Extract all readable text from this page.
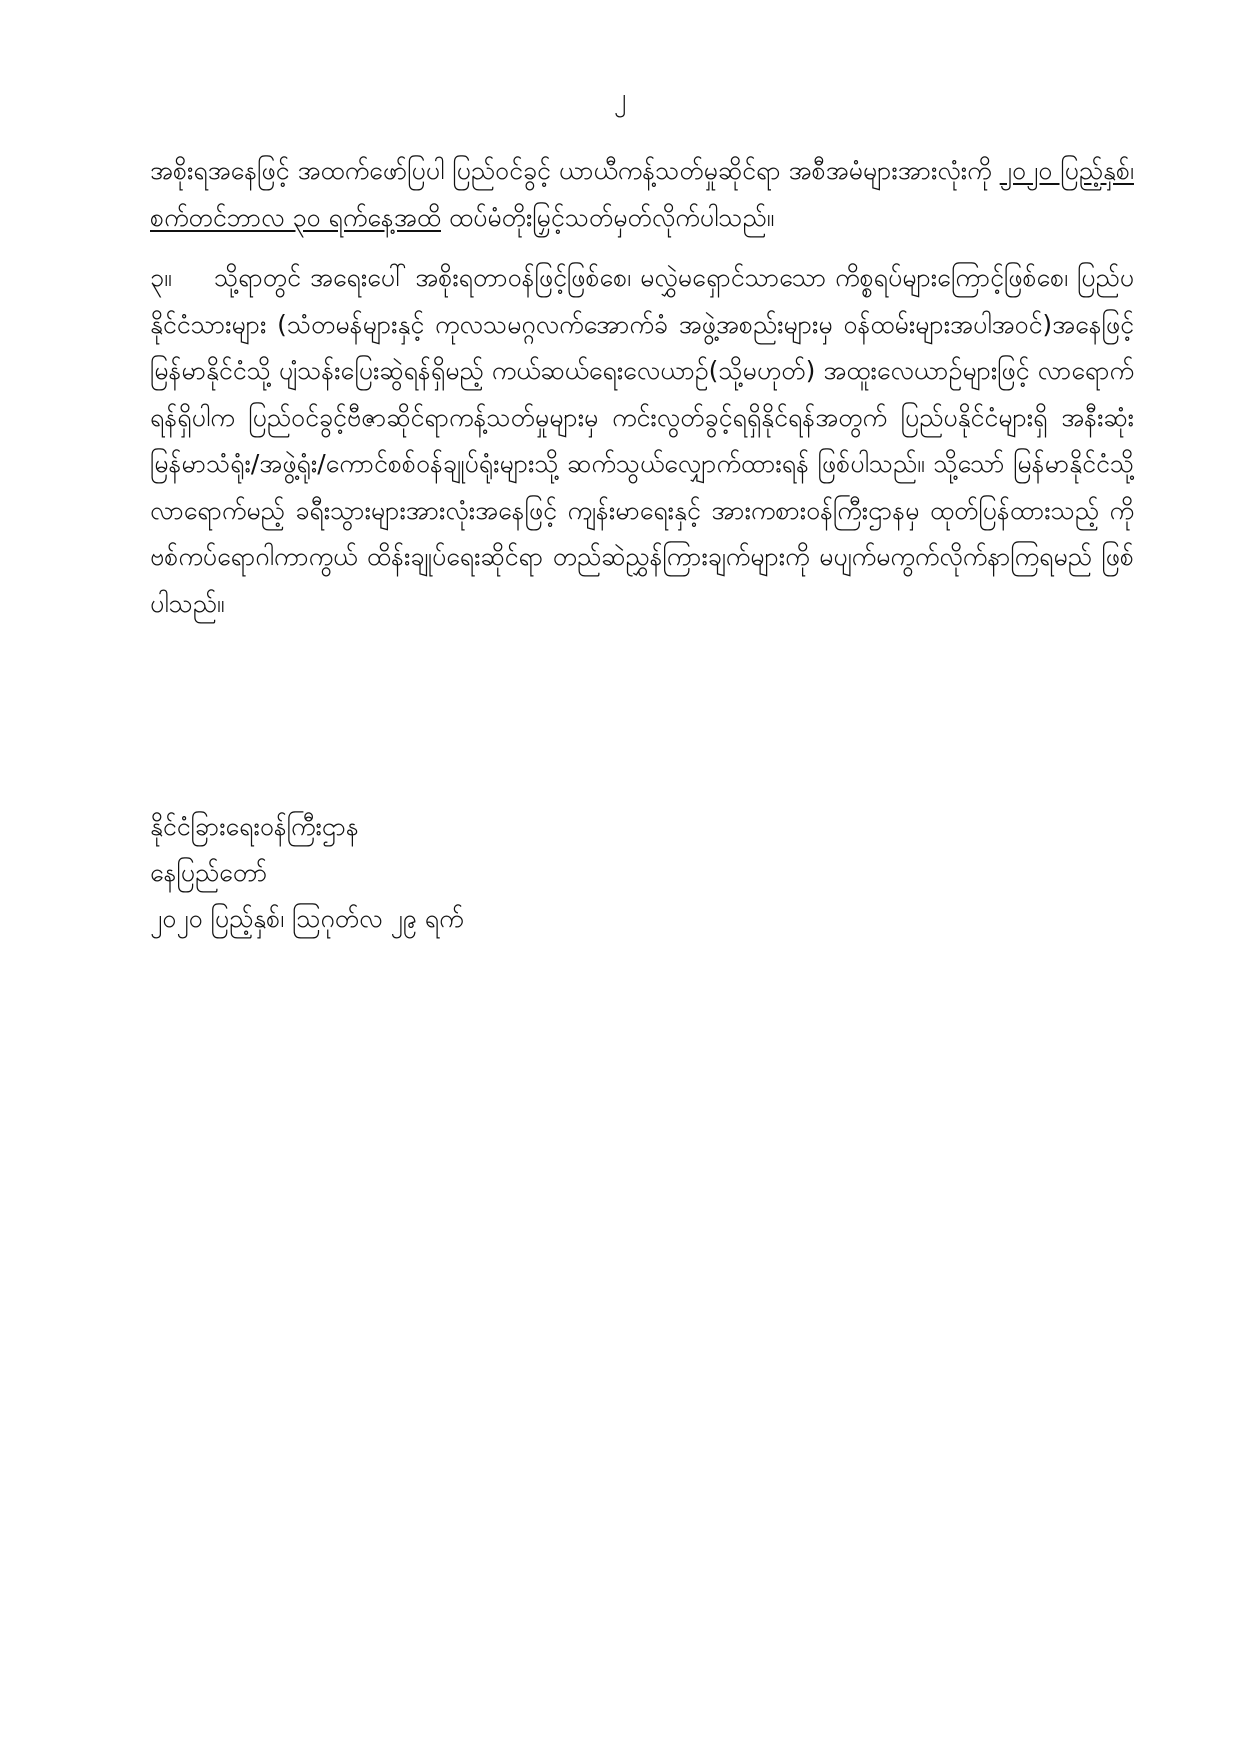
၂

အစိုးရအနေဖြင့် အထက်ဖော်ပြပါ ပြည်ဝင်ခွင့် ယာယီကန့်သတ်မှုဆိုင်ရာ အစီအမံများအားလုံးကို ၂၀၂၀ ပြည့်နှစ်၊ စက်တင်ဘာလ ၃၀ ရက်နေ့အထိ ထပ်မံတိုးမြှင့်သတ်မှတ်လိုက်ပါသည်။

၃။ သို့ရာတွင် အရေးပေါ် အစိုးရတာဝန်ဖြင့်ဖြစ်စေ၊ မလွှဲမရှောင်သာသော ကိစ္စရပ်များကြောင့်ဖြစ်စေ၊ ပြည်ပနိုင်ငံသားများ (သံတမန်များနှင့် ကုလသမဂ္ဂလက်အောက်ခံ အဖွဲ့အစည်းများမှ ဝန်ထမ်းများအပါအဝင်)အနေဖြင့် မြန်မာနိုင်ငံသို့ ပျံသန်းပြေးဆွဲရန်ရှိမည့် ကယ်ဆယ်ရေးလေယာဉ်(သို့မဟုတ်) အထူးလေယာဉ်များဖြင့် လာရောက်ရန်ရှိပါက ပြည်ဝင်ခွင့်ဗီဇာဆိုင်ရာကန့်သတ်မှုများမှ ကင်းလွတ်ခွင့်ရရှိနိုင်ရန်အတွက် ပြည်ပနိုင်ငံများရှိ အနီးဆုံး မြန်မာသံရုံး/အဖွဲ့ရုံး/ကောင်စစ်ဝန်ချုပ်ရုံးများသို့ ဆက်သွယ်လျှောက်ထားရန် ဖြစ်ပါသည်။ သို့သော် မြန်မာနိုင်ငံသို့ လာရောက်မည့် ခရီးသွားများအားလုံးအနေဖြင့် ကျန်းမာရေးနှင့် အားကစားဝန်ကြီးဌာနမှ ထုတ်ပြန်ထားသည့် ကိုဗစ်ကပ်ရောဂါကာကွယ် ထိန်းချုပ်ရေးဆိုင်ရာ တည်ဆဲညွှန်ကြားချက်များကို မပျက်မကွက်လိုက်နာကြရမည် ဖြစ်ပါသည်။

နိုင်ငံခြားရေးဝန်ကြီးဌာန
နေပြည်တော်
၂၀၂၀ ပြည့်နှစ်၊ ဩဂုတ်လ ၂၉ ရက်
